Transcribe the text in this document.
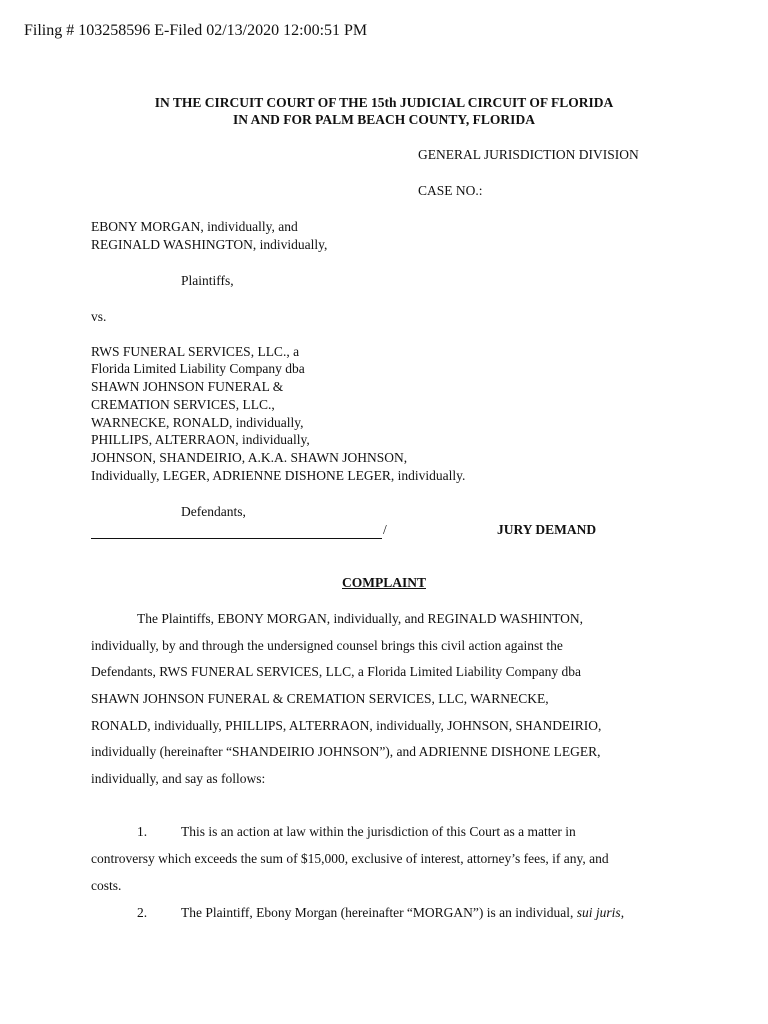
Filing # 103258596 E-Filed 02/13/2020 12:00:51 PM
IN THE CIRCUIT COURT OF THE 15th JUDICIAL CIRCUIT OF FLORIDA
IN AND FOR PALM BEACH COUNTY, FLORIDA
GENERAL JURISDICTION DIVISION
CASE NO.:
EBONY MORGAN, individually, and
REGINALD WASHINGTON, individually,
Plaintiffs,
vs.
RWS FUNERAL SERVICES, LLC., a
Florida Limited Liability Company dba
SHAWN JOHNSON FUNERAL &
CREMATION SERVICES, LLC.,
WARNECKE, RONALD, individually,
PHILLIPS, ALTERRAON, individually,
JOHNSON, SHANDEIRIO, A.K.A. SHAWN JOHNSON,
Individually, LEGER, ADRIENNE DISHONE LEGER, individually.
Defendants,
/	JURY DEMAND
COMPLAINT
The Plaintiffs, EBONY MORGAN, individually, and REGINALD WASHINTON,
individually, by and through the undersigned counsel brings this civil action against the
Defendants, RWS FUNERAL SERVICES, LLC, a Florida Limited Liability Company dba
SHAWN JOHNSON FUNERAL & CREMATION SERVICES, LLC, WARNECKE,
RONALD, individually, PHILLIPS, ALTERRAON, individually, JOHNSON, SHANDEIRIO,
individually (hereinafter “SHANDEIRIO JOHNSON”), and ADRIENNE DISHONE LEGER,
individually, and say as follows:
1.	This is an action at law within the jurisdiction of this Court as a matter in
controversy which exceeds the sum of $15,000, exclusive of interest, attorney’s fees, if any, and
costs.
2.	The Plaintiff, Ebony Morgan (hereinafter “MORGAN”) is an individual, sui juris,
